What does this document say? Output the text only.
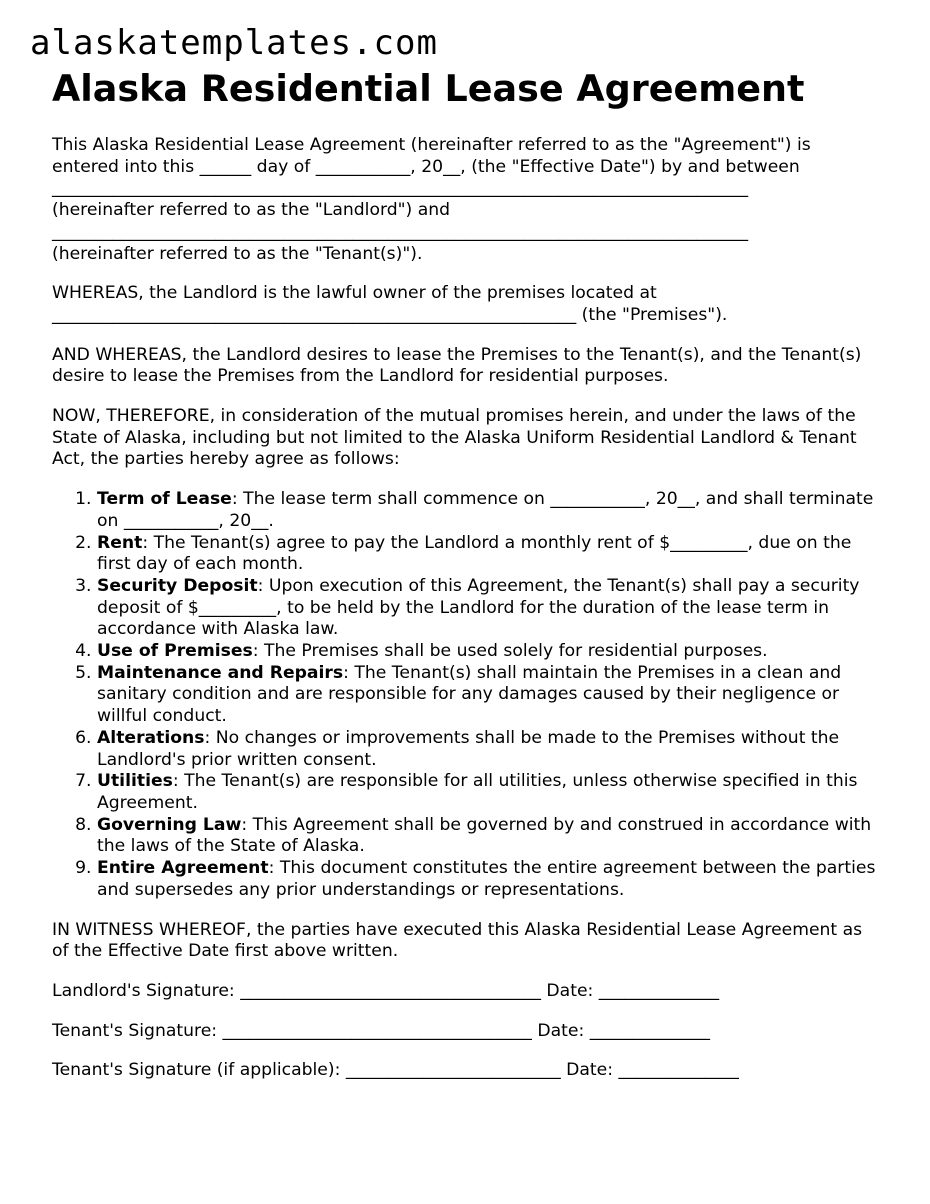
alaskatemplates.com
Alaska Residential Lease Agreement

This Alaska Residential Lease Agreement (hereinafter referred to as the "Agreement") is
entered into this ______ day of ___________, 20__, (the "Effective Date") by and between
_________________________________________________________________________________
(hereinafter referred to as the "Landlord") and
_________________________________________________________________________________
(hereinafter referred to as the "Tenant(s)").

WHEREAS, the Landlord is the lawful owner of the premises located at
_____________________________________________________________ (the "Premises").

AND WHEREAS, the Landlord desires to lease the Premises to the Tenant(s), and the Tenant(s) desire to lease the Premises from the Landlord for residential purposes.

NOW, THEREFORE, in consideration of the mutual promises herein, and under the laws of the State of Alaska, including but not limited to the Alaska Uniform Residential Landlord & Tenant Act, the parties hereby agree as follows:

1. Term of Lease: The lease term shall commence on ___________, 20__, and shall terminate on ___________, 20__.
2. Rent: The Tenant(s) agree to pay the Landlord a monthly rent of $_________, due on the first day of each month.
3. Security Deposit: Upon execution of this Agreement, the Tenant(s) shall pay a security deposit of $_________, to be held by the Landlord for the duration of the lease term in accordance with Alaska law.
4. Use of Premises: The Premises shall be used solely for residential purposes.
5. Maintenance and Repairs: The Tenant(s) shall maintain the Premises in a clean and sanitary condition and are responsible for any damages caused by their negligence or willful conduct.
6. Alterations: No changes or improvements shall be made to the Premises without the Landlord's prior written consent.
7. Utilities: The Tenant(s) are responsible for all utilities, unless otherwise specified in this Agreement.
8. Governing Law: This Agreement shall be governed by and construed in accordance with the laws of the State of Alaska.
9. Entire Agreement: This document constitutes the entire agreement between the parties and supersedes any prior understandings or representations.

IN WITNESS WHEREOF, the parties have executed this Alaska Residential Lease Agreement as of the Effective Date first above written.

Landlord's Signature: ___________________________________ Date: ______________

Tenant's Signature: ____________________________________ Date: ______________

Tenant's Signature (if applicable): _________________________ Date: ______________
